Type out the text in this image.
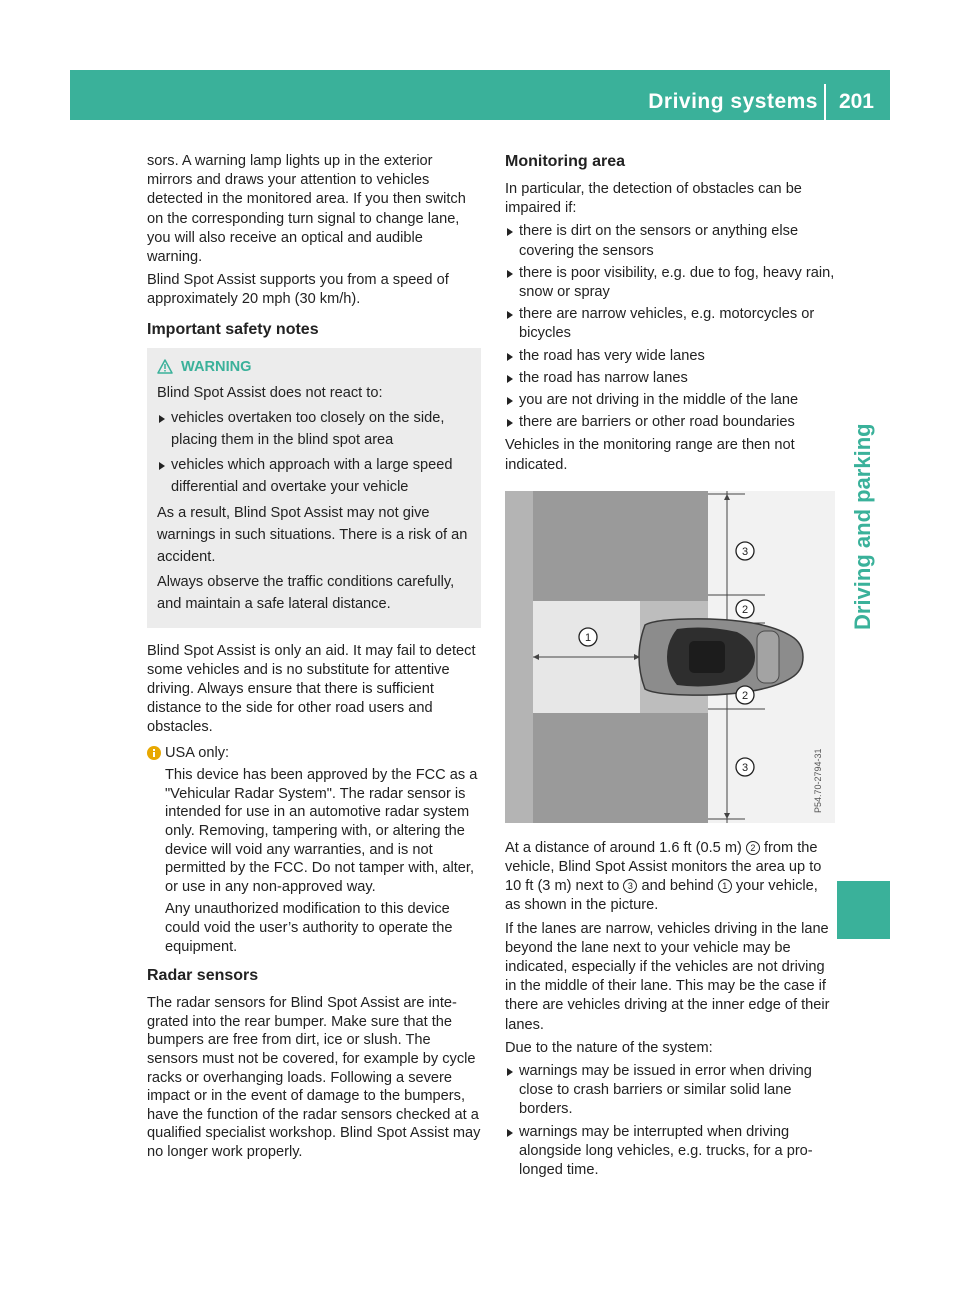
Driving systems 201
Driving and parking

sors. A warning lamp lights up in the exterior mirrors and draws your attention to vehicles detected in the monitored area. If you then switch on the corresponding turn signal to change lane, you will also receive an optical and audible warning.

Blind Spot Assist supports you from a speed of approximately 20 mph (30 km/h).

Important safety notes
WARNING

Blind Spot Assist does not react to:

vehicles overtaken too closely on the side, placing them in the blind spot area
vehicles which approach with a large speed differential and overtake your vehicle

As a result, Blind Spot Assist may not give warnings in such situations. There is a risk of an accident.

Always observe the traffic conditions carefully, and maintain a safe lateral distance.

Blind Spot Assist is only an aid. It may fail to detect some vehicles and is no substitute for attentive driving. Always ensure that there is sufficient distance to the side for other road users and obstacles.

USA only:

This device has been approved by the FCC as a "Vehicular Radar System". The radar sensor is intended for use in an automotive radar system only. Removing, tampering with, or altering the device will void any warranties, and is not permitted by the FCC. Do not tamper with, alter, or use in any non-approved way.

Any unauthorized modification to this device could void the user’s authority to operate the equipment.

Radar sensors

The radar sensors for Blind Spot Assist are integrated into the rear bumper. Make sure that the bumpers are free from dirt, ice or slush. The sensors must not be covered, for example by cycle racks or overhanging loads. Following a severe impact or in the event of damage to the bumpers, have the function of the radar sensors checked at a qualified specialist workshop. Blind Spot Assist may no longer work properly.

Monitoring area

In particular, the detection of obstacles can be impaired if:

there is dirt on the sensors or anything else covering the sensors
there is poor visibility, e.g. due to fog, heavy rain, snow or spray
there are narrow vehicles, e.g. motorcycles or bicycles
the road has very wide lanes
the road has narrow lanes
you are not driving in the middle of the lane
there are barriers or other road boundaries

Vehicles in the monitoring range are then not indicated.

1
2
2
3
3	P54.70-2794-31

At a distance of around 1.6 ft (0.5 m) 2 from the vehicle, Blind Spot Assist monitors the area up to 10 ft (3 m) next to 3 and behind 1 your vehicle, as shown in the picture.

If the lanes are narrow, vehicles driving in the lane beyond the lane next to your vehicle may be indicated, especially if the vehicles are not driving in the middle of their lane. This may be the case if there are vehicles driving at the inner edge of their lanes.

Due to the nature of the system:

warnings may be issued in error when driving close to crash barriers or similar solid lane borders.
warnings may be interrupted when driving alongside long vehicles, e.g. trucks, for a prolonged time.
